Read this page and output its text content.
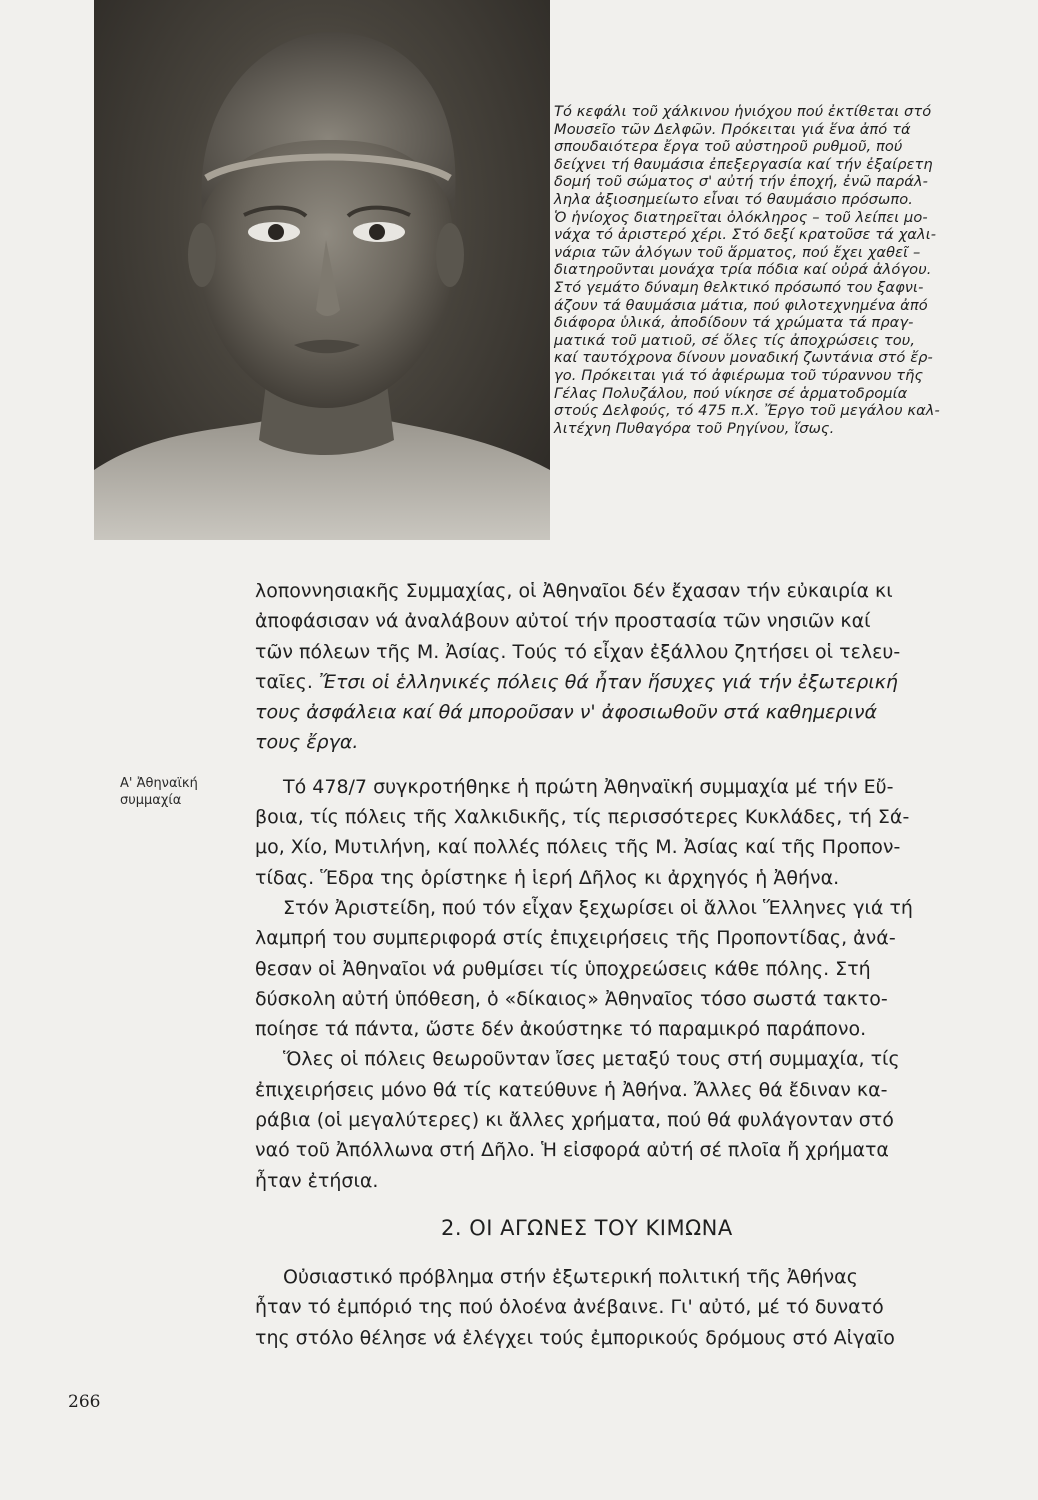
Τό κεφάλι τοῦ χάλκινου ἡνιόχου πού ἐκτίθεται στό
Μουσεῖο τῶν Δελφῶν. Πρόκειται γιά ἕνα ἀπό τά
σπουδαιότερα ἔργα τοῦ αὐστηροῦ ρυθμοῦ, πού
δείχνει τή θαυμάσια ἐπεξεργασία καί τήν ἐξαίρετη
δομή τοῦ σώματος σ' αὐτή τήν ἐποχή, ἐνῶ παράλ-
ληλα ἀξιοσημείωτο εἶναι τό θαυμάσιο πρόσωπο.
Ὁ ἡνίοχος διατηρεῖται ὁλόκληρος – τοῦ λείπει μο-
νάχα τό ἀριστερό χέρι. Στό δεξί κρατοῦσε τά χαλι-
νάρια τῶν ἀλόγων τοῦ ἅρματος, πού ἔχει χαθεῖ –
διατηροῦνται μονάχα τρία πόδια καί οὐρά ἀλόγου.
Στό γεμάτο δύναμη θελκτικό πρόσωπό του ξαφνι-
άζουν τά θαυμάσια μάτια, πού φιλοτεχνημένα ἀπό
διάφορα ὑλικά, ἀποδίδουν τά χρώματα τά πραγ-
ματικά τοῦ ματιοῦ, σέ ὅλες τίς ἀποχρώσεις του,
καί ταυτόχρονα δίνουν μοναδική ζωντάνια στό ἔρ-
γο. Πρόκειται γιά τό ἀφιέρωμα τοῦ τύραννου τῆς
Γέλας Πολυζάλου, πού νίκησε σέ ἁρματοδρομία
στούς Δελφούς, τό 475 π.Χ. Ἔργο τοῦ μεγάλου καλ-
λιτέχνη Πυθαγόρα τοῦ Ρηγίνου, ἴσως.
λοποννησιακῆς Συμμαχίας, οἱ Ἀθηναῖοι δέν ἔχασαν τήν εὐκαιρία κι
ἀποφάσισαν νά ἀναλάβουν αὐτοί τήν προστασία τῶν νησιῶν καί
τῶν πόλεων τῆς Μ. Ἀσίας. Τούς τό εἶχαν ἐξάλλου ζητήσει οἱ τελευ-
ταῖες. Ἔτσι οἱ ἑλληνικές πόλεις θά ἦταν ἥσυχες γιά τήν ἐξωτερική
τους ἀσφάλεια καί θά μποροῦσαν ν' ἀφοσιωθοῦν στά καθημερινά
τους ἔργα.
Τό 478/7 συγκροτήθηκε ἡ πρώτη Ἀθηναϊκή συμμαχία μέ τήν Εὔ-
βοια, τίς πόλεις τῆς Χαλκιδικῆς, τίς περισσότερες Κυκλάδες, τή Σά-
μο, Χίο, Μυτιλήνη, καί πολλές πόλεις τῆς Μ. Ἀσίας καί τῆς Προπον-
τίδας. Ἕδρα της ὁρίστηκε ἡ ἱερή Δῆλος κι ἀρχηγός ἡ Ἀθήνα.
Στόν Ἀριστείδη, πού τόν εἶχαν ξεχωρίσει οἱ ἄλλοι Ἕλληνες γιά τή
λαμπρή του συμπεριφορά στίς ἐπιχειρήσεις τῆς Προποντίδας, ἀνά-
θεσαν οἱ Ἀθηναῖοι νά ρυθμίσει τίς ὑποχρεώσεις κάθε πόλης. Στή
δύσκολη αὐτή ὑπόθεση, ὁ «δίκαιος» Ἀθηναῖος τόσο σωστά τακτο-
ποίησε τά πάντα, ὥστε δέν ἀκούστηκε τό παραμικρό παράπονο.
Ὅλες οἱ πόλεις θεωροῦνταν ἴσες μεταξύ τους στή συμμαχία, τίς
ἐπιχειρήσεις μόνο θά τίς κατεύθυνε ἡ Ἀθήνα. Ἄλλες θά ἔδιναν κα-
ράβια (οἱ μεγαλύτερες) κι ἄλλες χρήματα, πού θά φυλάγονταν στό
ναό τοῦ Ἀπόλλωνα στή Δῆλο. Ἡ εἰσφορά αὐτή σέ πλοῖα ἤ χρήματα
ἦταν ἐτήσια.
Α' Ἀθηναϊκή
συμμαχία
2. ΟΙ ΑΓΩΝΕΣ ΤΟΥ ΚΙΜΩΝΑ
Οὐσιαστικό πρόβλημα στήν ἐξωτερική πολιτική τῆς Ἀθήνας
ἦταν τό ἐμπόριό της πού ὁλοένα ἀνέβαινε. Γι' αὐτό, μέ τό δυνατό
της στόλο θέλησε νά ἐλέγχει τούς ἐμπορικούς δρόμους στό Αἰγαῖο
266
